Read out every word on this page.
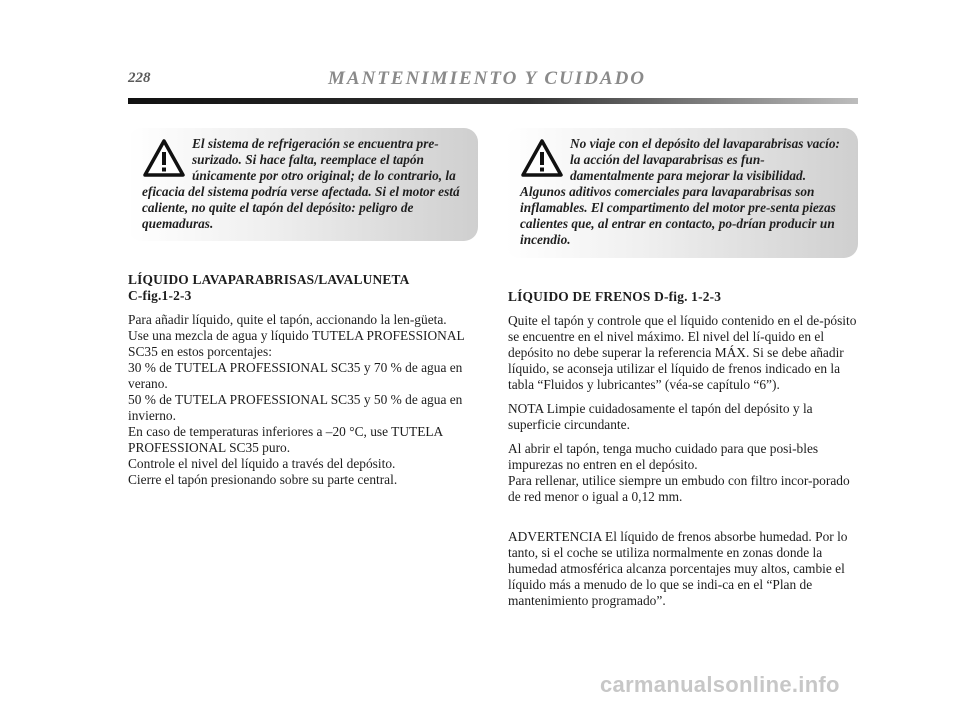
228	MANTENIMIENTO Y CUIDADO

El sistema de refrigeración se encuentra pre-surizado. Si hace falta, reemplace el tapón únicamente por otro original; de lo contrario, la eficacia del sistema podría verse afectada. Si el motor está caliente, no quite el tapón del depósito: peligro de quemaduras.

No viaje con el depósito del lavaparabrisas vacío: la acción del lavaparabrisas es fun-damentalmente para mejorar la visibilidad. Algunos aditivos comerciales para lavaparabrisas son inflamables. El compartimento del motor pre-senta piezas calientes que, al entrar en contacto, po-drían producir un incendio.

LÍQUIDO LAVAPARABRISAS/LAVALUNETA
C-fig.1-2-3

Para añadir líquido, quite el tapón, accionando la len-güeta.

Use una mezcla de agua y líquido TUTELA PROFESSIONAL SC35 en estos porcentajes:

30 % de TUTELA PROFESSIONAL SC35 y 70 % de agua en verano.

50 % de TUTELA PROFESSIONAL SC35 y 50 % de agua en invierno.

En caso de temperaturas inferiores a –20 °C, use TUTELA PROFESSIONAL SC35 puro.

Controle el nivel del líquido a través del depósito.

Cierre el tapón presionando sobre su parte central.

LÍQUIDO DE FRENOS D-fig. 1-2-3

Quite el tapón y controle que el líquido contenido en el de-pósito se encuentre en el nivel máximo. El nivel del lí-quido en el depósito no debe superar la referencia MÁX. Si se debe añadir líquido, se aconseja utilizar el líquido de frenos indicado en la tabla “Fluidos y lubricantes” (véa-se capítulo “6”).

NOTA Limpie cuidadosamente el tapón del depósito y la superficie circundante.

Al abrir el tapón, tenga mucho cuidado para que posi-bles impurezas no entren en el depósito.

Para rellenar, utilice siempre un embudo con filtro incor-porado de red menor o igual a 0,12 mm.

ADVERTENCIA El líquido de frenos absorbe humedad. Por lo tanto, si el coche se utiliza normalmente en zonas donde la humedad atmosférica alcanza porcentajes muy altos, cambie el líquido más a menudo de lo que se indi-ca en el “Plan de mantenimiento programado”.

carmanualsonline.info
